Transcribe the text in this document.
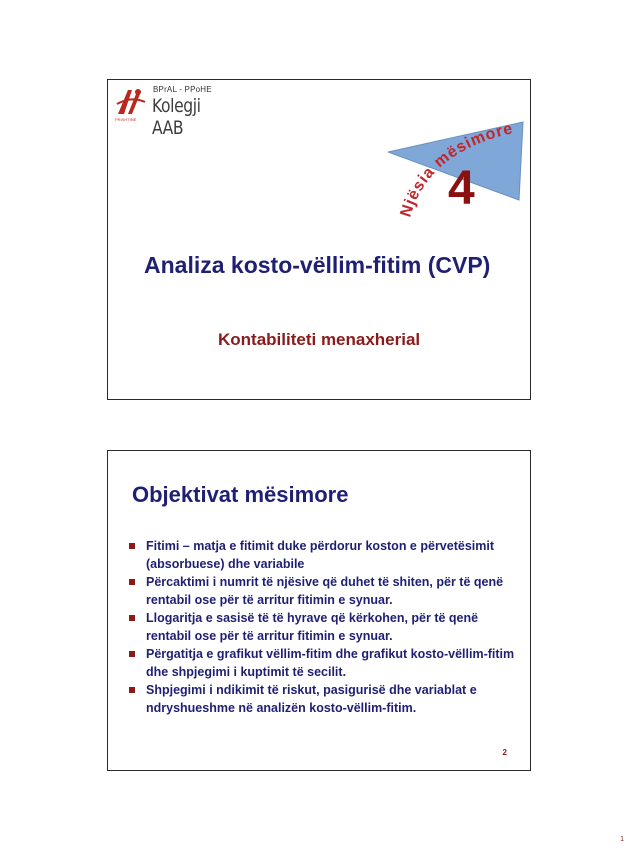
BPrAL - PPoHE
Kolegji AAB
PRISHTINË
Njësia mësimore
4
Analiza kosto-vëllim-fitim (CVP)
Kontabiliteti menaxherial
Objektivat mësimore
Fitimi – matja e fitimit duke përdorur koston e përvetësimit (absorbuese) dhe variabile
Përcaktimi i numrit të njësive që duhet të shiten, për të qenë rentabil ose për të arritur fitimin e synuar.
Llogaritja e sasisë të të hyrave që kërkohen, për të qenë rentabil ose për të arritur fitimin e synuar.
Përgatitja e grafikut vëllim-fitim dhe grafikut kosto-vëllim-fitim dhe shpjegimi i kuptimit të secilit.
Shpjegimi i ndikimit të riskut, pasigurisë dhe variablat e ndryshueshme në analizën kosto-vëllim-fitim.
2
1
